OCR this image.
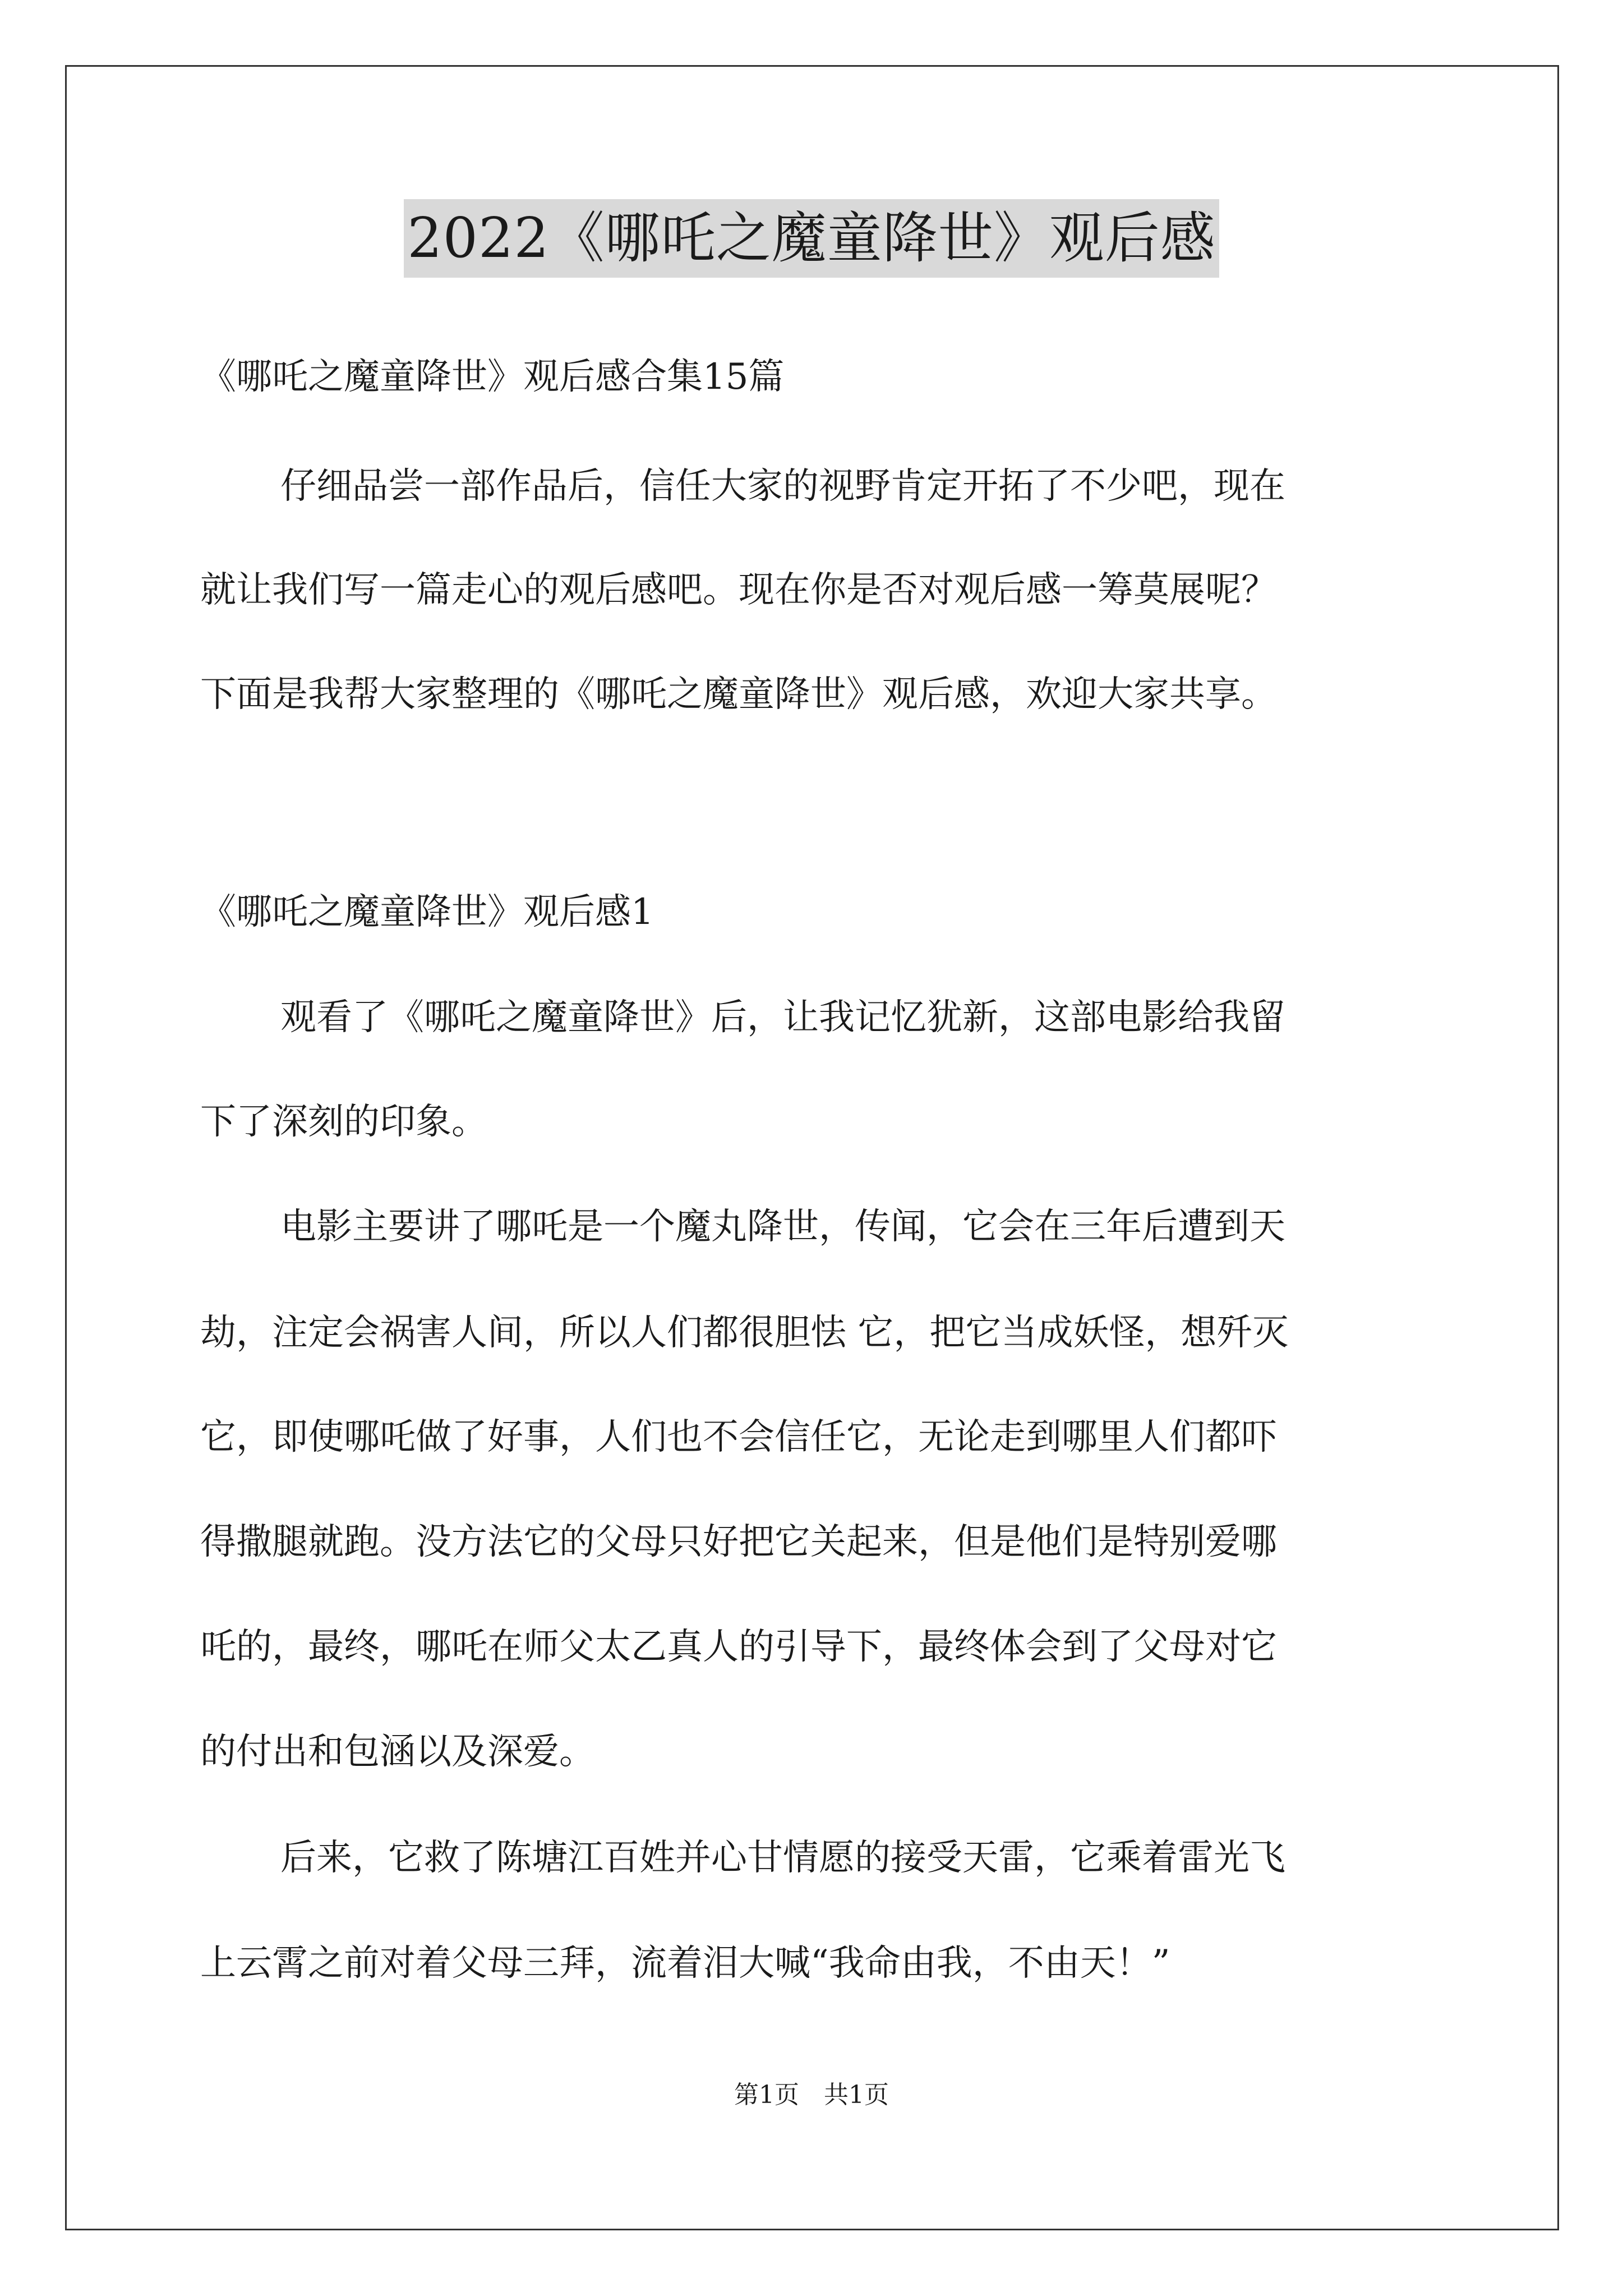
2022《哪吒之魔童降世》观后感
《哪吒之魔童降世》观后感合集15篇
仔细品尝一部作品后，信任大家的视野肯定开拓了不少吧，现在
就让我们写一篇走心的观后感吧。现在你是否对观后感一筹莫展呢？
下面是我帮大家整理的《哪吒之魔童降世》观后感，欢迎大家共享。
《哪吒之魔童降世》观后感1
观看了《哪吒之魔童降世》后，让我记忆犹新，这部电影给我留
下了深刻的印象。
电影主要讲了哪吒是一个魔丸降世，传闻，它会在三年后遭到天
劫，注定会祸害人间，所以人们都很胆怯 它，把它当成妖怪，想歼灭
它，即使哪吒做了好事，人们也不会信任它，无论走到哪里人们都吓
得撒腿就跑。没方法它的父母只好把它关起来，但是他们是特别爱哪
吒的，最终，哪吒在师父太乙真人的引导下，最终体会到了父母对它
的付出和包涵以及深爱。
后来，它救了陈塘江百姓并心甘情愿的接受天雷，它乘着雷光飞
上云霄之前对着父母三拜，流着泪大喊“我命由我，不由天！”
第1页　共1页
